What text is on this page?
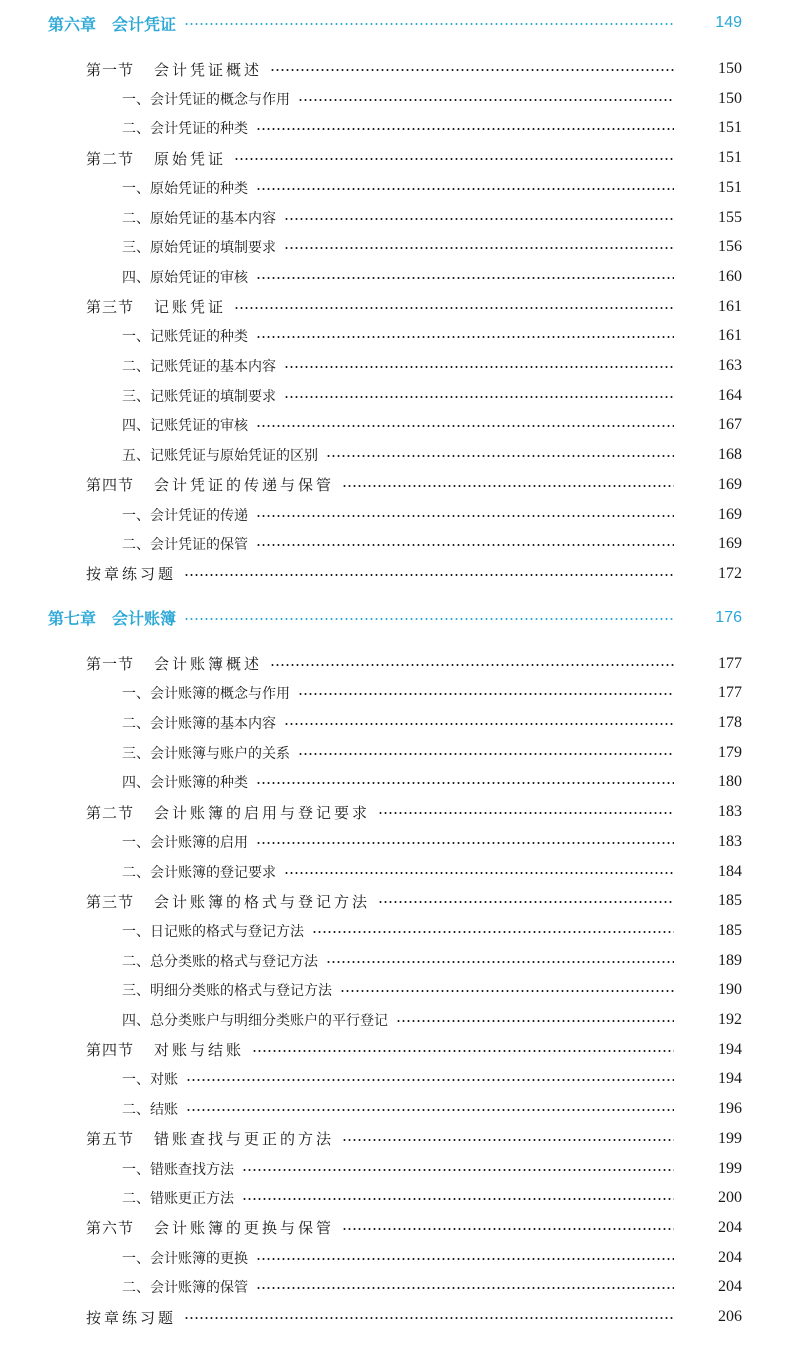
第六章 会计凭证	149
第一节 会计凭证概述	150
一、会计凭证的概念与作用	150
二、会计凭证的种类	151
第二节 原始凭证	151
一、原始凭证的种类	151
二、原始凭证的基本内容	155
三、原始凭证的填制要求	156
四、原始凭证的审核	160
第三节 记账凭证	161
一、记账凭证的种类	161
二、记账凭证的基本内容	163
三、记账凭证的填制要求	164
四、记账凭证的审核	167
五、记账凭证与原始凭证的区别	168
第四节 会计凭证的传递与保管	169
一、会计凭证的传递	169
二、会计凭证的保管	169
按章练习题	172
第七章 会计账簿	176
第一节 会计账簿概述	177
一、会计账簿的概念与作用	177
二、会计账簿的基本内容	178
三、会计账簿与账户的关系	179
四、会计账簿的种类	180
第二节 会计账簿的启用与登记要求	183
一、会计账簿的启用	183
二、会计账簿的登记要求	184
第三节 会计账簿的格式与登记方法	185
一、日记账的格式与登记方法	185
二、总分类账的格式与登记方法	189
三、明细分类账的格式与登记方法	190
四、总分类账户与明细分类账户的平行登记	192
第四节 对账与结账	194
一、对账	194
二、结账	196
第五节 错账查找与更正的方法	199
一、错账查找方法	199
二、错账更正方法	200
第六节 会计账簿的更换与保管	204
一、会计账簿的更换	204
二、会计账簿的保管	204
按章练习题	206
